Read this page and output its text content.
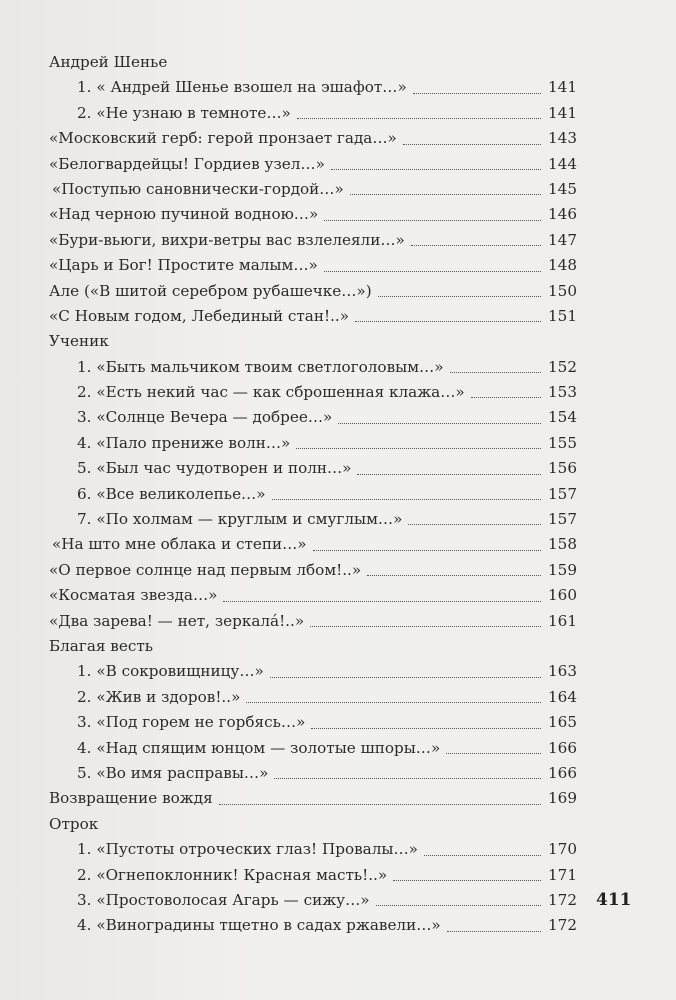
Андрей Шенье
1. « Андрей Шенье взошел на эшафот…»	141
2. «Не узнаю в темноте…»	141
«Московский герб: герой пронзает гада…»	143
«Белогвардейцы! Гордиев узел…»	144
«Поступью сановнически-гордой…»	145
«Над черною пучиной водною…»	146
«Бури-вьюги, вихри-ветры вас взлелеяли…»	147
«Царь и Бог! Простите малым…»	148
Але («В шитой серебром рубашечке…»)	150
«С Новым годом, Лебединый стан!..»	151
Ученик
1. «Быть мальчиком твоим светлоголовым…»	152
2. «Есть некий час — как сброшенная клажа…»	153
3. «Солнце Вечера — добрее…»	154
4. «Пало прениже волн…»	155
5. «Был час чудотворен и полн…»	156
6. «Все великолепье…»	157
7. «По холмам — круглым и смуглым…»	157
«На што мне облака и степи…»	158
«О первое солнце над первым лбом!..»	159
«Косматая звезда…»	160
«Два зарева! — нет, зеркала́!..»	161
Благая весть
1. «В сокровищницу…»	163
2. «Жив и здоров!..»	164
3. «Под горем не горбясь…»	165
4. «Над спящим юнцом — золотые шпоры…»	166
5. «Во имя расправы…»	166
Возвращение вождя	169
Отрок
1. «Пустоты отроческих глаз! Провалы…»	170
2. «Огнепоклонник! Красная масть!..»	171
3. «Простоволосая Агарь — сижу…»	172
4. «Виноградины тщетно в садах ржавели…»	172
411
